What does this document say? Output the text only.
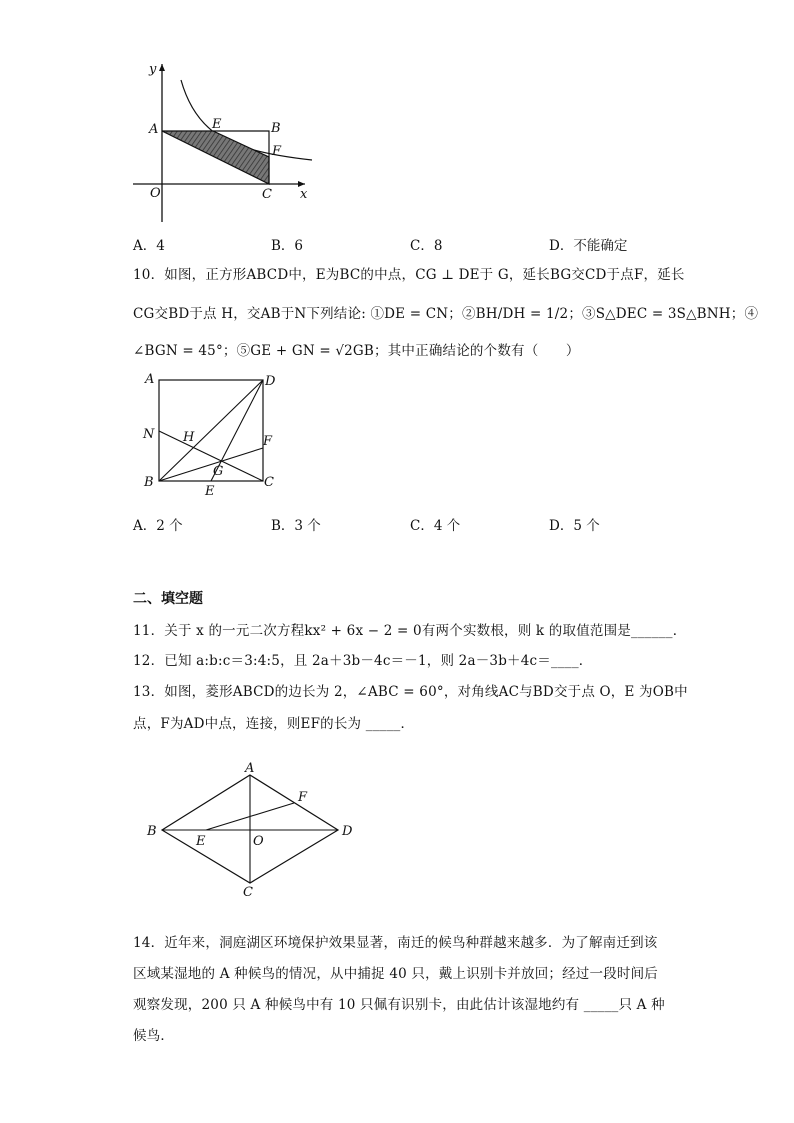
y
x
O
A	E	B
F
C
A．4	B．6	C．8	D．不能确定
10．如图，正方形ABCD中，E为BC的中点，CG ⊥ DE于 G，延长BG交CD于点F，延长
CG交BD于点 H，交AB于N下列结论: ①DE = CN；②BH/DH = 1/2；③S△DEC = 3S△BNH；④
∠BGN = 45°；⑤GE + GN = √2GB；其中正确结论的个数有（　　）
A	D
N H	F
G
B
E
C
A．2 个	B．3 个	C．4 个	D．5 个
二、填空题
11．关于 x 的一元二次方程kx² + 6x − 2 = 0有两个实数根，则 k 的取值范围是______．
12．已知 a:b:c＝3:4:5，且 2a＋3b－4c＝－1，则 2a－3b＋4c＝____．
13．如图，菱形ABCD的边长为 2，∠ABC = 60°，对角线AC与BD交于点 O，E 为OB中
点，F为AD中点，连接，则EF的长为 _____．
A
F
B
E	O
D
C
14．近年来，洞庭湖区环境保护效果显著，南迁的候鸟种群越来越多．为了解南迁到该
区域某湿地的 A 种候鸟的情况，从中捕捉 40 只，戴上识别卡并放回；经过一段时间后
观察发现，200 只 A 种候鸟中有 10 只佩有识别卡，由此估计该湿地约有 _____只 A 种
候鸟．
